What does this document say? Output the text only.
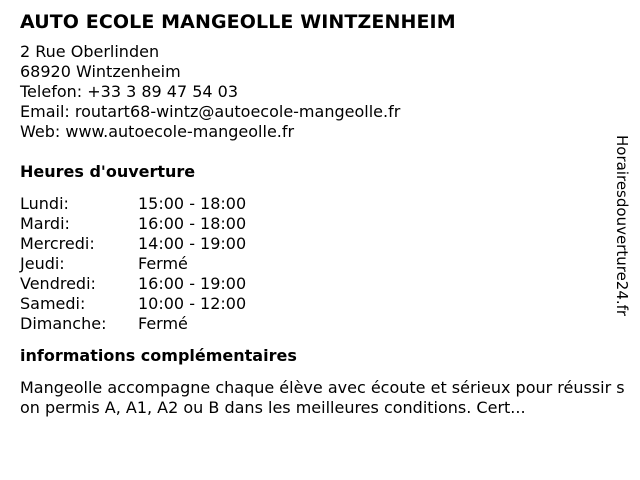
AUTO ECOLE MANGEOLLE WINTZENHEIM
2 Rue Oberlinden
68920 Wintzenheim
Telefon: +33 3 89 47 54 03
Email: routart68-wintz@autoecole-mangeolle.fr
Web: www.autoecole-mangeolle.fr
Heures d'ouverture
Lundi:	15:00 - 18:00
Mardi:	16:00 - 18:00
Mercredi:	14:00 - 19:00
Jeudi:	Fermé
Vendredi:	16:00 - 19:00
Samedi:	10:00 - 12:00
Dimanche:	Fermé
informations complémentaires
Mangeolle accompagne chaque élève avec écoute et sérieux pour réussir son permis A, A1, A2 ou B dans les meilleures conditions. Cert...
Horairesdouverture24.fr
